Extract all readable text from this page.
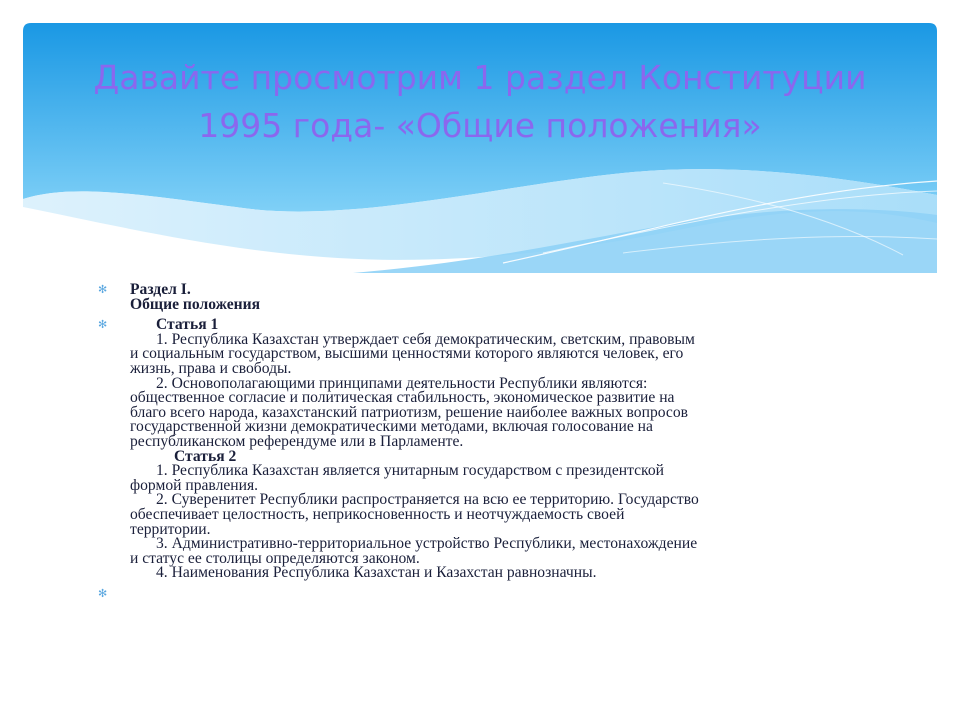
Давайте просмотрим 1 раздел Конституции
1995 года- «Общие положения»
✻ Раздел I.
Общие положения
✻	Статья 1
1. Республика Казахстан утверждает себя демократическим, светским, правовым
и социальным государством, высшими ценностями которого являются человек, его
жизнь, права и свободы.
2. Основополагающими принципами деятельности Республики являются:
общественное согласие и политическая стабильность, экономическое развитие на
благо всего народа, казахстанский патриотизм, решение наиболее важных вопросов
государственной жизни демократическими методами, включая голосование на
республиканском референдуме или в Парламенте.
Статья 2
1. Республика Казахстан является унитарным государством с президентской
формой правления.
2. Суверенитет Республики распространяется на всю ее территорию. Государство
обеспечивает целостность, неприкосновенность и неотчуждаемость своей
территории.
3. Административно-территориальное устройство Республики, местонахождение
и статус ее столицы определяются законом.
4. Наименования Республика Казахстан и Казахстан равнозначны.
✻
